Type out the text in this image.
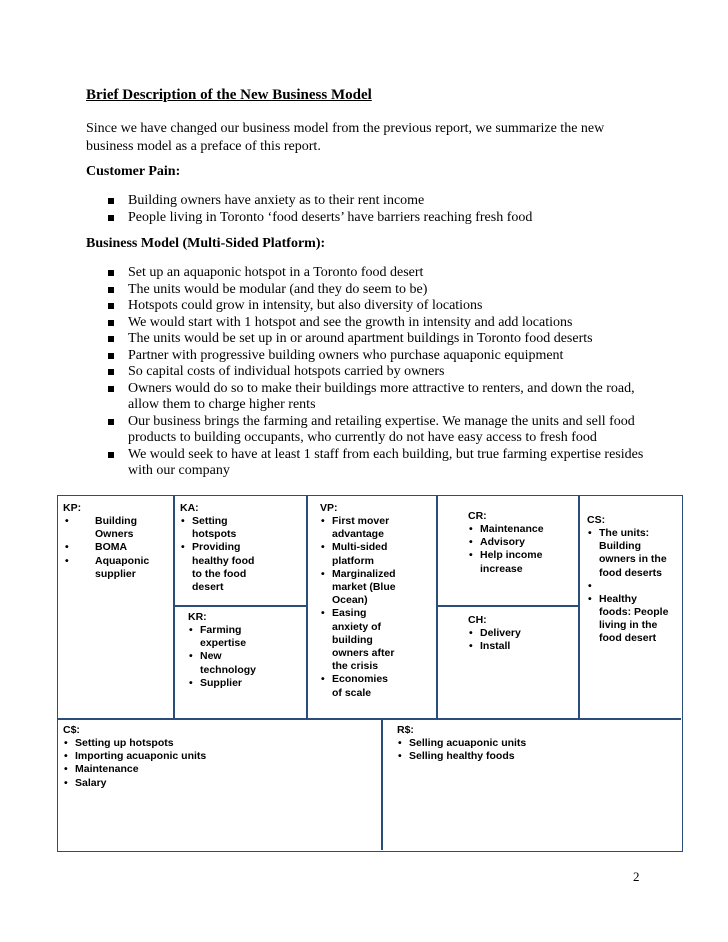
Brief Description of the New Business Model
Since we have changed our business model from the previous report, we summarize the new business model as a preface of this report.
Customer Pain:
Building owners have anxiety as to their rent income
People living in Toronto ‘food deserts’ have barriers reaching fresh food
Business Model (Multi-Sided Platform):
Set up an aquaponic hotspot in a Toronto food desert
The units would be modular (and they do seem to be)
Hotspots could grow in intensity, but also diversity of locations
We would start with 1 hotspot and see the growth in intensity and add locations
The units would be set up in or around apartment buildings in Toronto food deserts
Partner with progressive building owners who purchase aquaponic equipment
So capital costs of individual hotspots carried by owners
Owners would do so to make their buildings more attractive to renters, and down the road, allow them to charge higher rents
Our business brings the farming and retailing expertise. We manage the units and sell food products to building occupants, who currently do not have easy access to fresh food
We would seek to have at least 1 staff from each building, but true farming expertise resides with our company
KP:
• Building Owners
• BOMA
• Aquaponic supplier
KA:
• Setting hotspots
• Providing healthy food to the food desert
KR:
• Farming expertise
• New technology
• Supplier
VP:
• First mover advantage
• Multi-sided platform
• Marginalized market (Blue Ocean)
• Easing anxiety of building owners after the crisis
• Economies of scale
CR:
• Maintenance
• Advisory
• Help income increase
CH:
• Delivery
• Install
CS:
• The units: Building owners in the food deserts
•
• Healthy foods: People living in the food desert
C$:
• Setting up hotspots
• Importing acuaponic units
• Maintenance
• Salary
R$:
• Selling acuaponic units
• Selling healthy foods
2
